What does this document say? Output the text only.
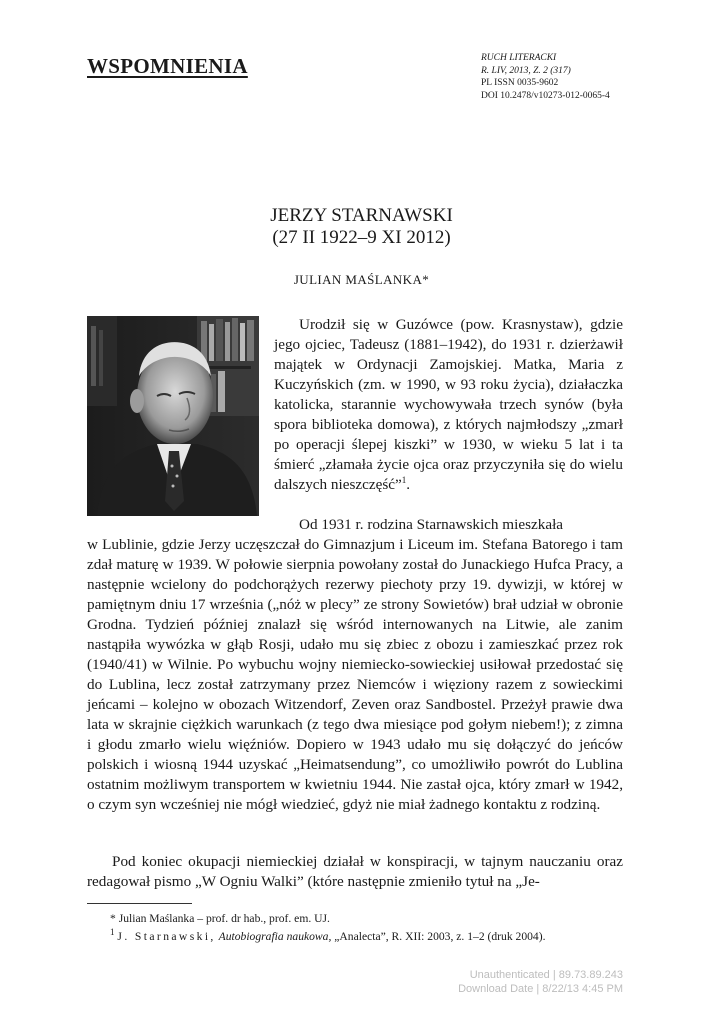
WSPOMNIENIA	RUCH LITERACKI
R. LIV, 2013, Z. 2 (317)
PL ISSN 0035-9602
DOI 10.2478/v10273-012-0065-4
JERZY STARNAWSKI
(27 II 1922–9 XI 2012)
JULIAN MAŚLANKA*
Urodził się w Guzówce (pow. Krasnystaw), gdzie jego ojciec, Tadeusz (1881–1942), do 1931 r. dzierżawił majątek w Ordynacji Zamojskiej. Matka, Maria z Kuczyńskich (zm. w 1990, w 93 roku życia), działaczka katolicka, starannie wychowywała trzech synów (była spora biblioteka domowa), z których najmłodszy „zmarł po operacji ślepej kiszki” w 1930, w wieku 5 lat i ta śmierć „złamała życie ojca oraz przyczyniła się do wielu dalszych nieszczęść”$^1$.
Od 1931 r. rodzina Starnawskich mieszkała
w Lublinie, gdzie Jerzy uczęszczał do Gimnazjum i Liceum im. Stefana Batorego i tam zdał maturę w 1939. W połowie sierpnia powołany został do Junackiego Hufca Pracy, a następnie wcielony do podchorążych rezerwy piechoty przy 19. dywizji, w której w pamiętnym dniu 17 września („nóż w plecy” ze strony Sowietów) brał udział w obronie Grodna. Tydzień później znalazł się wśród internowanych na Litwie, ale zanim nastąpiła wywózka w głąb Rosji, udało mu się zbiec z obozu i zamieszkać przez rok (1940/41) w Wilnie. Po wybuchu wojny niemiecko-sowieckiej usiłował przedostać się do Lublina, lecz został zatrzymany przez Niemców i więziony razem z sowieckimi jeńcami – kolejno w obozach Witzendorf, Zeven oraz Sandbostel. Przeżył prawie dwa lata w skrajnie ciężkich warunkach (z tego dwa miesiące pod gołym niebem!); z zimna i głodu zmarło wielu więźniów. Dopiero w 1943 udało mu się dołączyć do jeńców polskich i wiosną 1944 uzyskać „Heimatsendung”, co umożliwiło powrót do Lublina ostatnim możliwym transportem w kwietniu 1944. Nie zastał ojca, który zmarł w 1942, o czym syn wcześniej nie mógł wiedzieć, gdyż nie miał żadnego kontaktu z rodziną.
Pod koniec okupacji niemieckiej działał w konspiracji, w tajnym nauczaniu oraz redagował pismo „W Ogniu Walki” (które następnie zmieniło tytuł na „Je-
* Julian Maślanka – prof. dr hab., prof. em. UJ.
$^1$ J. Starnawski, Autobiografia naukowa, „Analecta”, R. XII: 2003, z. 1–2 (druk 2004).
Unauthenticated | 89.73.89.243
Download Date | 8/22/13 4:45 PM
